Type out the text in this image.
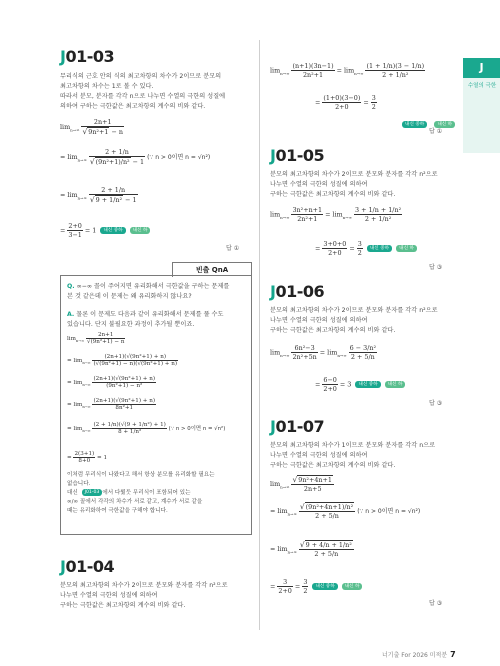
J
수열의 극한
J01-03
무리식의 근호 안의 식의 최고차항의 차수가 2이므로 분모의
최고차항의 차수는 1로 볼 수 있다.
따라서 분모, 분자를 각각 n으로 나누면 수열의 극한의 성질에
의하여 구하는 극한값은 최고차항의 계수의 비와 같다.
$\lim_{n\to\infty} \frac{2n+1}{\text{√9n²+1 − n}}$
= $\lim_{n\to\infty} \frac{2 + 1/n}{\text{√(9n²+1)/n² − 1}}$ (∵ n > 0이면 n = √n²)
= $\lim_{n\to\infty} \frac{2 + 1/n}{\text{√9 + 1/n² − 1}}$
= $\frac{2+0}{3-1} = 1$ 내신 중하 내신 하
답 ①
빈출 QnA
Q. ∞−∞ 꼴이 주어지면 유리화해서 극한값을 구하는 문제를
본 것 같은데 이 문제는 왜 유리화하지 않나요?
A. 물론 이 문제도 다음과 같이 유리화해서 문제를 풀 수도
있습니다. 단지 불필요한 과정이 추가될 뿐이죠.
$\lim_{n\to\infty} \frac{2n+1}{\text{√(9n²+1) − n}}$
= $\lim_{n\to\infty} \frac{\text{(2n+1)(√(9n²+1) + n)}}{\text{(√(9n²+1) − n)(√(9n²+1) + n)}}$
= $\lim_{n\to\infty} \frac{\text{(2n+1)(√(9n²+1) + n)}}{\text{(9n²+1) − n²}}$
= $\lim_{n\to\infty} \frac{\text{(2n+1)(√(9n²+1) + n)}}{\text{8n²+1}}$
= $\lim_{n\to\infty} \frac{\text{(2 + 1/n)(√(9 + 1/n²) + 1)}}{\text{8 + 1/n²}}$ (∵ n > 0이면 n = √n²)
= $\frac{2(3+1)}{8+0} = 1$
이처럼 무리식이 나왔다고 해서 항상 분모를 유리화할 필요는
없습니다.
대신 J01-03 에서 다뤘듯 무리식이 포함되어 있는
∞/∞ 꼴에서 각각의 차수가 서로 같고, 계수가 서로 같을
때는 유리화하여 극한값을 구해야 합니다.
J01-04
분모의 최고차항의 차수가 2이므로 분모와 분자를 각각 n²으로
나누면 수열의 극한의 성질에 의하여
구하는 극한값은 최고차항의 계수의 비와 같다.
$\lim_{n\to\infty} \frac{(n+1)(3n-1)}{\text{2n²+1}} = \lim_{n\to\infty} \frac{(1 + 1/n)(3 - 1/n)}{\text{2 + 1/n²}}$
= $\frac{(1+0)(3-0)}{2+0} = \frac{3}{2}$
내신 중하	내신 하
답 ①
J01-05
분모의 최고차항의 차수가 2이므로 분모와 분자를 각각 n²으로
나누면 수열의 극한의 성질에 의하여
구하는 극한값은 최고차항의 계수의 비와 같다.
$\lim_{n\to\infty} \frac{\text{3n²+n+1}}{\text{2n²+1}} = \lim_{n\to\infty} \frac{\text{3 + 1/n + 1/n²}}{\text{2 + 1/n²}}$
= $\frac{3+0+0}{2+0} = \frac{3}{2}$ 내신 중하 내신 하
답 ③
J01-06
분모의 최고차항의 차수가 2이므로 분모와 분자를 각각 n²으로
나누면 수열의 극한의 성질에 의하여
구하는 극한값은 최고차항의 계수의 비와 같다.
$\lim_{n\to\infty} \frac{\text{6n²−3}}{\text{2n²+5n}} = \lim_{n\to\infty} \frac{\text{6 − 3/n²}}{2 + 5/n}$
= $\frac{6-0}{2+0} = 3$ 내신 중하 내신 하
답 ③
J01-07
분모의 최고차항의 차수가 1이므로 분모와 분자를 각각 n으로
나누면 수열의 극한의 성질에 의하여
구하는 극한값은 최고차항의 계수의 비와 같다.
$\lim_{n\to\infty} \frac{\text{√9n²+4n+1}}{2n+5}$
= $\lim_{n\to\infty} \frac{\text{√(9n²+4n+1)/n²}}{2 + 5/n}$ (∵ n > 0이면 n = √n²)
= $\lim_{n\to\infty} \frac{\text{√9 + 4/n + 1/n²}}{2 + 5/n}$
= $\frac{3}{2+0} = \frac{3}{2}$ 내신 중하 내신 하
답 ③
너기출 For 2026 미적분 7
